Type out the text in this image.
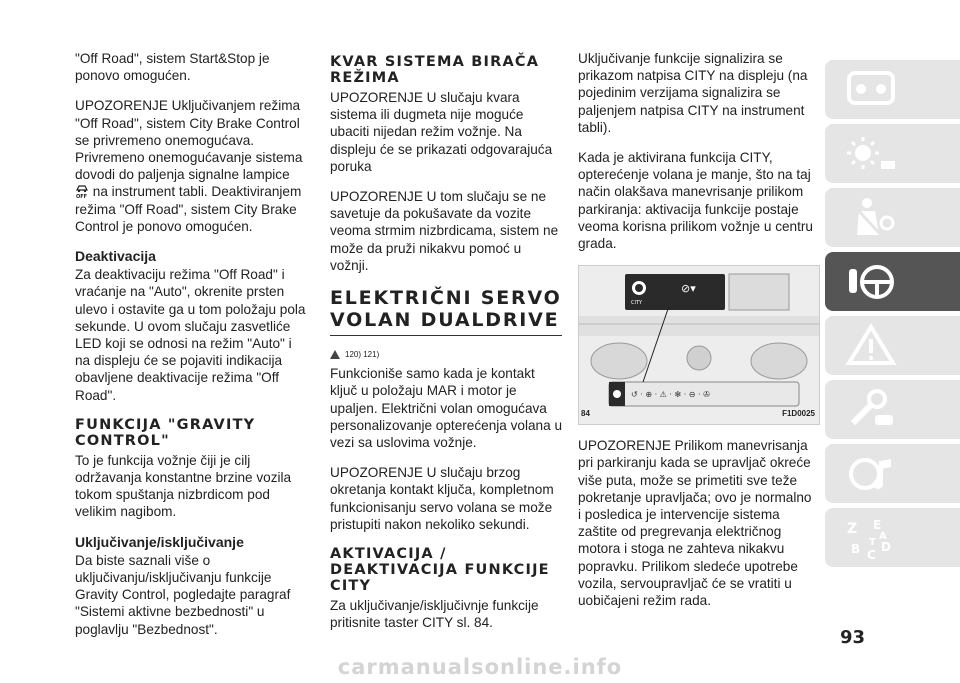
"Off Road", sistem Start&Stop je ponovo omogućen.

UPOZORENJE Uključivanjem režima "Off Road", sistem City Brake Control se privremeno onemogućava. Privremeno onemogućavanje sistema dovodi do paljenja signalne lampice
OFF na instrument tabli. Deaktiviranjem režima "Off Road", sistem City Brake Control je ponovo omogućen.

Deaktivacija

Za deaktivaciju režima "Off Road" i vraćanje na "Auto", okrenite prsten ulevo i ostavite ga u tom položaju pola sekunde. U ovom slučaju zasvetliće LED koji se odnosi na režim "Auto" i na displeju će se pojaviti indikacija obavljene deaktivacije režima "Off Road".

FUNKCIJA "GRAVITY CONTROL"

To je funkcija vožnje čiji je cilj održavanja konstantne brzine vozila tokom spuštanja nizbrdicom pod velikim nagibom.

Uključivanje/isključivanje

Da biste saznali više o uključivanju/isključivanju funkcije Gravity Control, pogledajte paragraf "Sistemi aktivne bezbednosti" u poglavlju "Bezbednost".

KVAR SISTEMA BIRAČA REŽIMA

UPOZORENJE U slučaju kvara sistema ili dugmeta nije moguće ubaciti nijedan režim vožnje. Na displeju će se prikazati odgovarajuća poruka

UPOZORENJE U tom slučaju se ne savetuje da pokušavate da vozite veoma strmim nizbrdicama, sistem ne može da pruži nikakvu pomoć u vožnji.

ELEKTRIČNI SERVO VOLAN DUALDRIVE
120) 121)

Funkcioniše samo kada je kontakt ključ u položaju MAR i motor je upaljen. Električni volan omogućava personalizovanje opterećenja volana u vezi sa uslovima vožnje.

UPOZORENJE U slučaju brzog okretanja kontakt ključa, kompletnom funkcionisanju servo volana se može pristupiti nakon nekoliko sekundi.

AKTIVACIJA / DEAKTIVACIJA FUNKCIJE CITY

Za uključivanje/isključivnje funkcije pritisnite taster CITY sl. 84.

Uključivanje funkcije signalizira se prikazom natpisa CITY na displeju (na pojedinim verzijama signalizira se paljenjem natpisa CITY na instrument tabli).

Kada je aktivirana funkcija CITY, opterećenje volana je manje, što na taj način olakšava manevrisanje prilikom parkiranja: aktivacija funkcije postaje veoma korisna prilikom vožnje u centru grada.

CITY
⊘▾
↺ · ⊕ · ⚠ · ✻ · ⊖ · ✇
84	F1D0025

UPOZORENJE Prilikom manevrisanja pri parkiranju kada se upravljač okreće više puta, može se primetiti sve teže pokretanje upravljača; ovo je normalno i posledica je intervencije sistema zaštite od pregrevanja električnog motora i stoga ne zahteva nikakvu popravku. Prilikom sledeće upotrebe vozila, servoupravljač će se vratiti u uobičajeni režim rada.

Z E
B C
D
T
A
93
carmanualsonline.info
